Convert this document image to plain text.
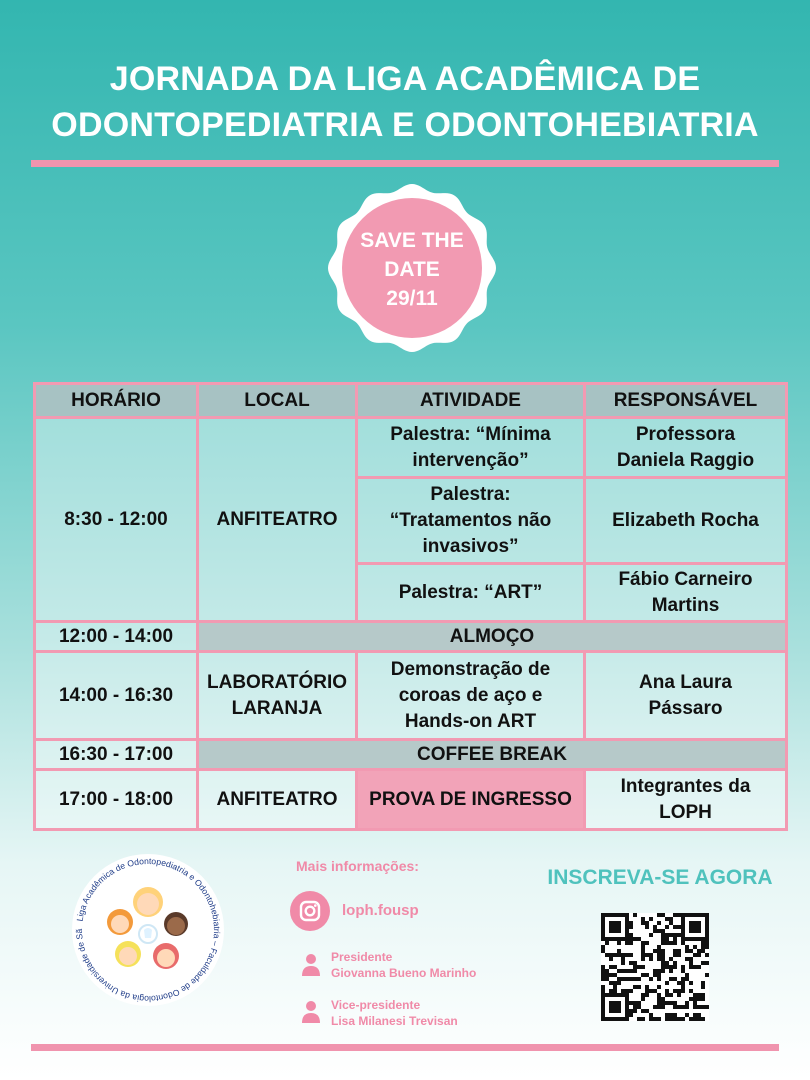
JORNADA DA LIGA ACADÊMICA DE
ODONTOPEDIATRIA E ODONTOHEBIATRIA
SAVE THE
DATE
29/11
HORÁRIO	LOCAL	ATIVIDADE	RESPONSÁVEL
8:30 - 12:00	ANFITEATRO	Palestra: “Mínima intervenção”	Professora Daniela Raggio
		Palestra: “Tratamentos não invasivos”	Elizabeth Rocha
		Palestra: “ART”	Fábio Carneiro Martins
12:00 - 14:00	ALMOÇO		
14:00 - 16:30	LABORATÓRIO LARANJA	Demonstração de coroas de aço e Hands-on ART	Ana Laura Pássaro
16:30 - 17:00	COFFEE BREAK		
17:00 - 18:00	ANFITEATRO	PROVA DE INGRESSO	Integrantes da LOPH
Liga Acadêmica de Odontopediatria e Odontohebiatria – Faculdade de Odontologia da Universidade de Sã
Mais informações:
loph.fousp
Presidente
Giovanna Bueno Marinho
Vice-presidente
Lisa Milanesi Trevisan
INSCREVA-SE AGORA
